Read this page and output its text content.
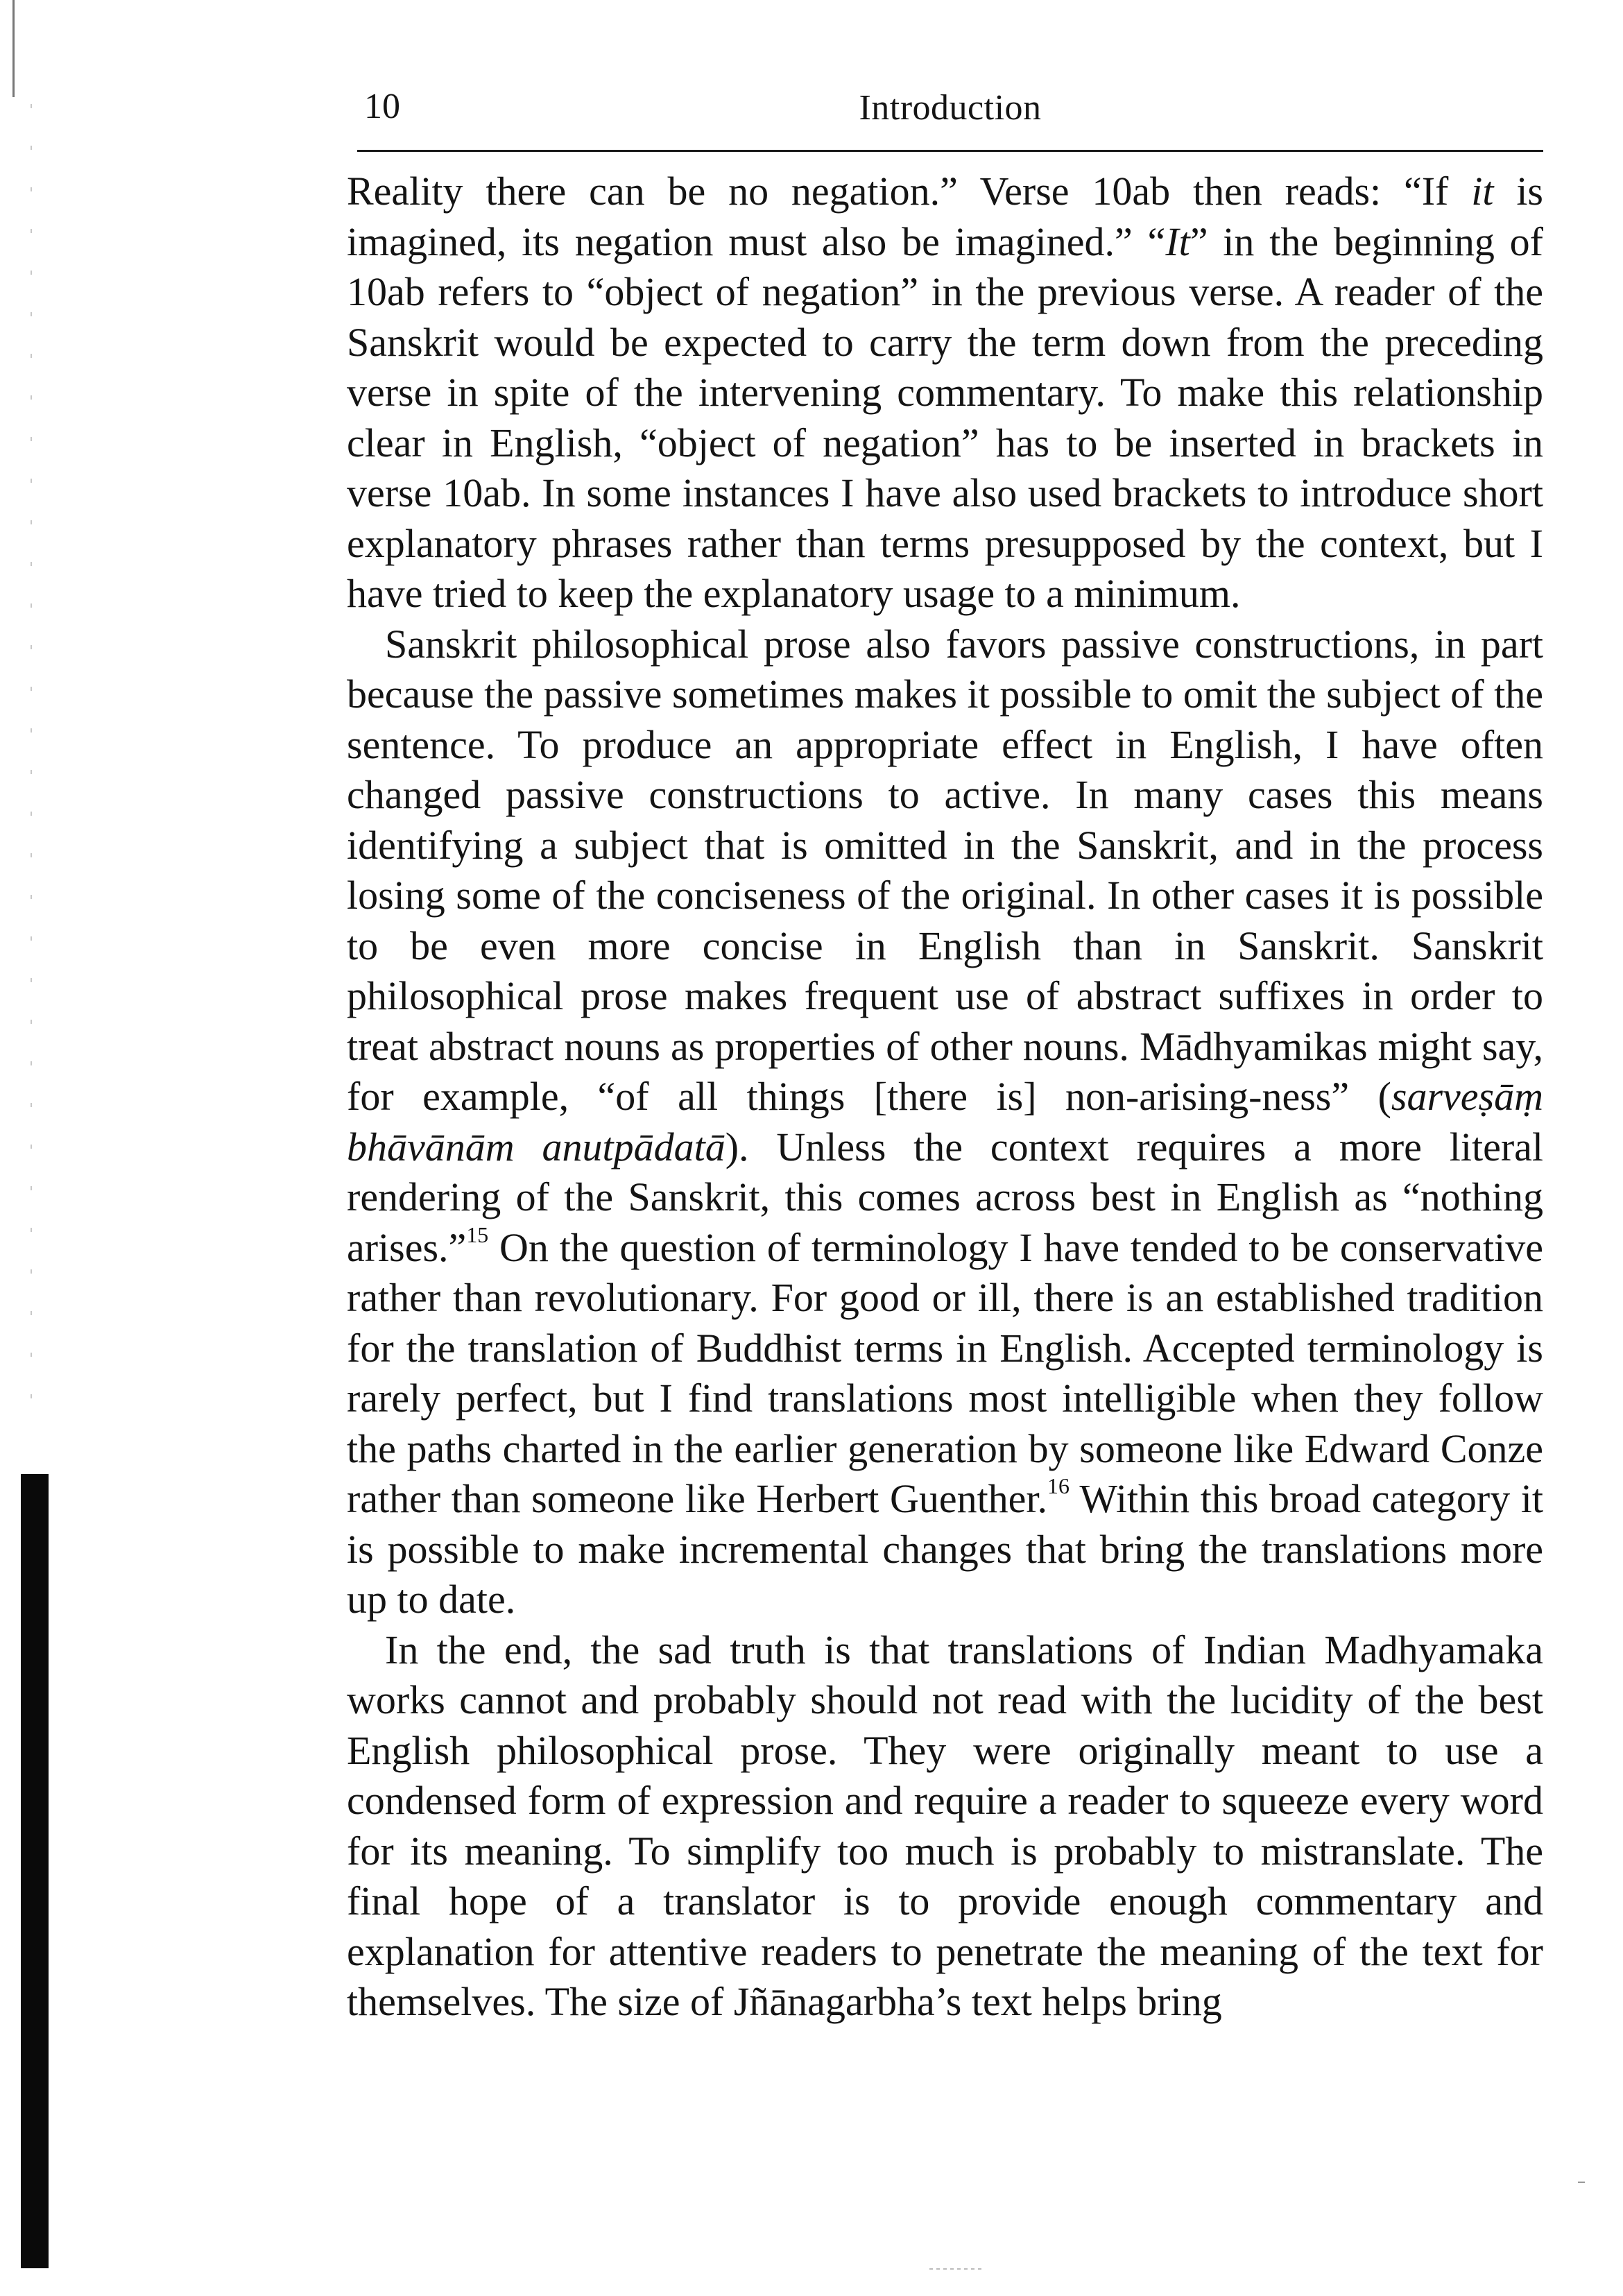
10	Introduction

Reality there can be no negation.” Verse 10ab then reads: “If it is imagined, its negation must also be imagined.” “It” in the beginning of 10ab refers to “object of negation” in the previous verse. A reader of the Sanskrit would be expected to carry the term down from the preceding verse in spite of the intervening commentary. To make this relationship clear in English, “object of negation” has to be inserted in brackets in verse 10ab. In some instances I have also used brackets to introduce short explanatory phrases rather than terms presupposed by the context, but I have tried to keep the explanatory usage to a minimum.

Sanskrit philosophical prose also favors passive constructions, in part because the passive sometimes makes it possible to omit the subject of the sentence. To produce an appropriate effect in English, I have often changed passive constructions to active. In many cases this means identifying a subject that is omitted in the Sanskrit, and in the process losing some of the conciseness of the original. In other cases it is possible to be even more concise in English than in Sanskrit. Sanskrit philosophical prose makes frequent use of abstract suffixes in order to treat abstract nouns as properties of other nouns. Mādhyamikas might say, for example, “of all things [there is] non-arising-ness” (sarveṣāṃ bhāvānām anutpādatā). Unless the context requires a more literal rendering of the Sanskrit, this comes across best in English as “nothing arises.”$^{15}$ On the question of terminology I have tended to be conservative rather than revolutionary. For good or ill, there is an established tradition for the translation of Buddhist terms in English. Accepted terminology is rarely perfect, but I find translations most intelligible when they follow the paths charted in the earlier generation by someone like Edward Conze rather than someone like Herbert Guenther.$^{16}$ Within this broad category it is possible to make incremental changes that bring the translations more up to date.

In the end, the sad truth is that translations of Indian Madhyamaka works cannot and probably should not read with the lucidity of the best English philosophical prose. They were originally meant to use a condensed form of expression and require a reader to squeeze every word for its meaning. To simplify too much is probably to mistranslate. The final hope of a translator is to provide enough commentary and explanation for attentive readers to penetrate the meaning of the text for themselves. The size of Jñānagarbha’s text helps bring
